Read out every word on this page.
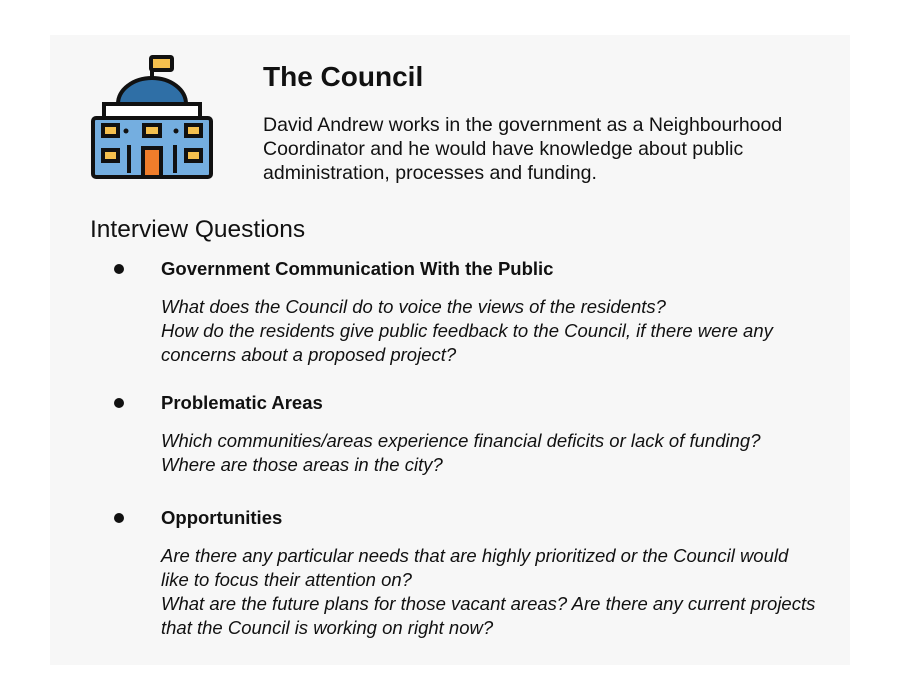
The Council

David Andrew works in the government as a Neighbourhood Coordinator and he would have knowledge about public administration, processes and funding.

Interview Questions
Government Communication With the Public
What does the Council do to voice the views of the residents?
How do the residents give public feedback to the Council, if there were any
concerns about a proposed project?
Problematic Areas
Which communities/areas experience financial deficits or lack of funding?
Where are those areas in the city?
Opportunities
Are there any particular needs that are highly prioritized or the Council would
like to focus their attention on?
What are the future plans for those vacant areas? Are there any current projects
that the Council is working on right now?
